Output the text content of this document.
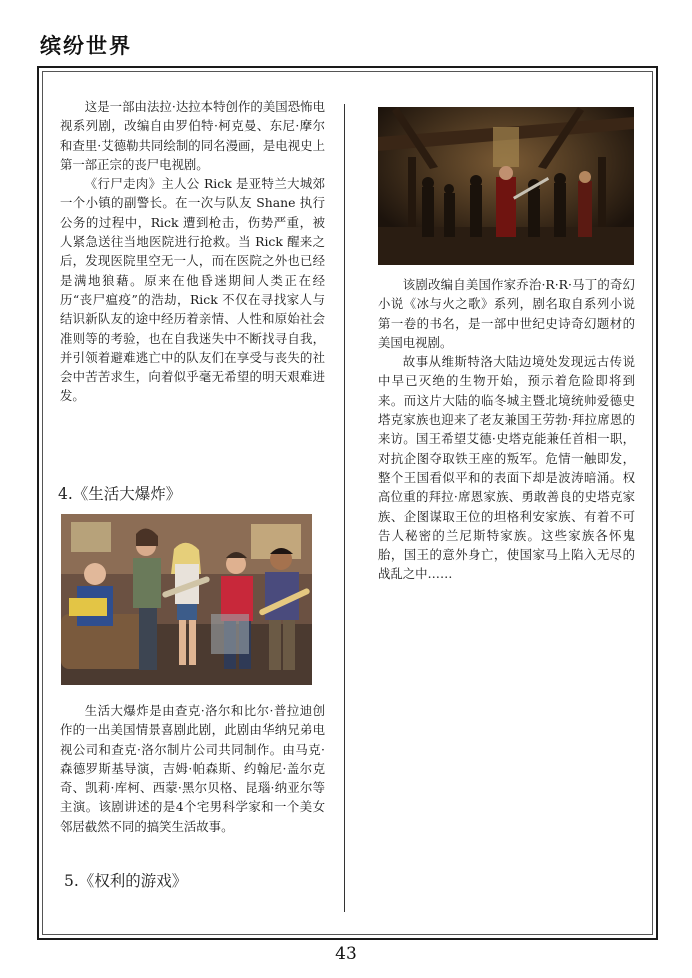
缤纷世界

这是一部由法拉·达拉本特创作的美国恐怖电视系列剧，改编自由罗伯特·柯克曼、东尼·摩尔和查里·艾德勒共同绘制的同名漫画，是电视史上第一部正宗的丧尸电视剧。

《行尸走肉》主人公 Rick 是亚特兰大城郊一个小镇的副警长。在一次与队友 Shane 执行公务的过程中，Rick 遭到枪击，伤势严重，被人紧急送往当地医院进行抢救。当 Rick 醒来之后，发现医院里空无一人，而在医院之外也已经是满地狼藉。原来在他昏迷期间人类正在经历“丧尸瘟疫”的浩劫，Rick 不仅在寻找家人与结识新队友的途中经历着亲情、人性和原始社会准则等的考验，也在自我迷失中不断找寻自我，并引领着避难逃亡中的队友们在享受与丧失的社会中苦苦求生，向着似乎毫无希望的明天艰难进发。

4.《生活大爆炸》

生活大爆炸是由查克·洛尔和比尔·普拉迪创作的一出美国情景喜剧此剧，此剧由华纳兄弟电视公司和查克·洛尔制片公司共同制作。由马克·森德罗斯基导演，吉姆·帕森斯、约翰尼·盖尔克奇、凯莉·库柯、西蒙·黑尔贝格、昆瑙·纳亚尔等主演。该剧讲述的是4个宅男科学家和一个美女邻居截然不同的搞笑生活故事。

5.《权利的游戏》

该剧改编自美国作家乔治·R·R·马丁的奇幻小说《冰与火之歌》系列，剧名取自系列小说第一卷的书名，是一部中世纪史诗奇幻题材的美国电视剧。

故事从维斯特洛大陆边境处发现远古传说中早已灭绝的生物开始，预示着危险即将到来。而这片大陆的临冬城主暨北境统帅爱德史塔克家族也迎来了老友兼国王劳勃·拜拉席恩的来访。国王希望艾德·史塔克能兼任首相一职，对抗企图夺取铁王座的叛军。危情一触即发，整个王国看似平和的表面下却是波涛暗涌。权高位重的拜拉·席恩家族、勇敢善良的史塔克家族、企图谋取王位的坦格利安家族、有着不可告人秘密的兰尼斯特家族。这些家族各怀鬼胎，国王的意外身亡，使国家马上陷入无尽的战乱之中……

43
